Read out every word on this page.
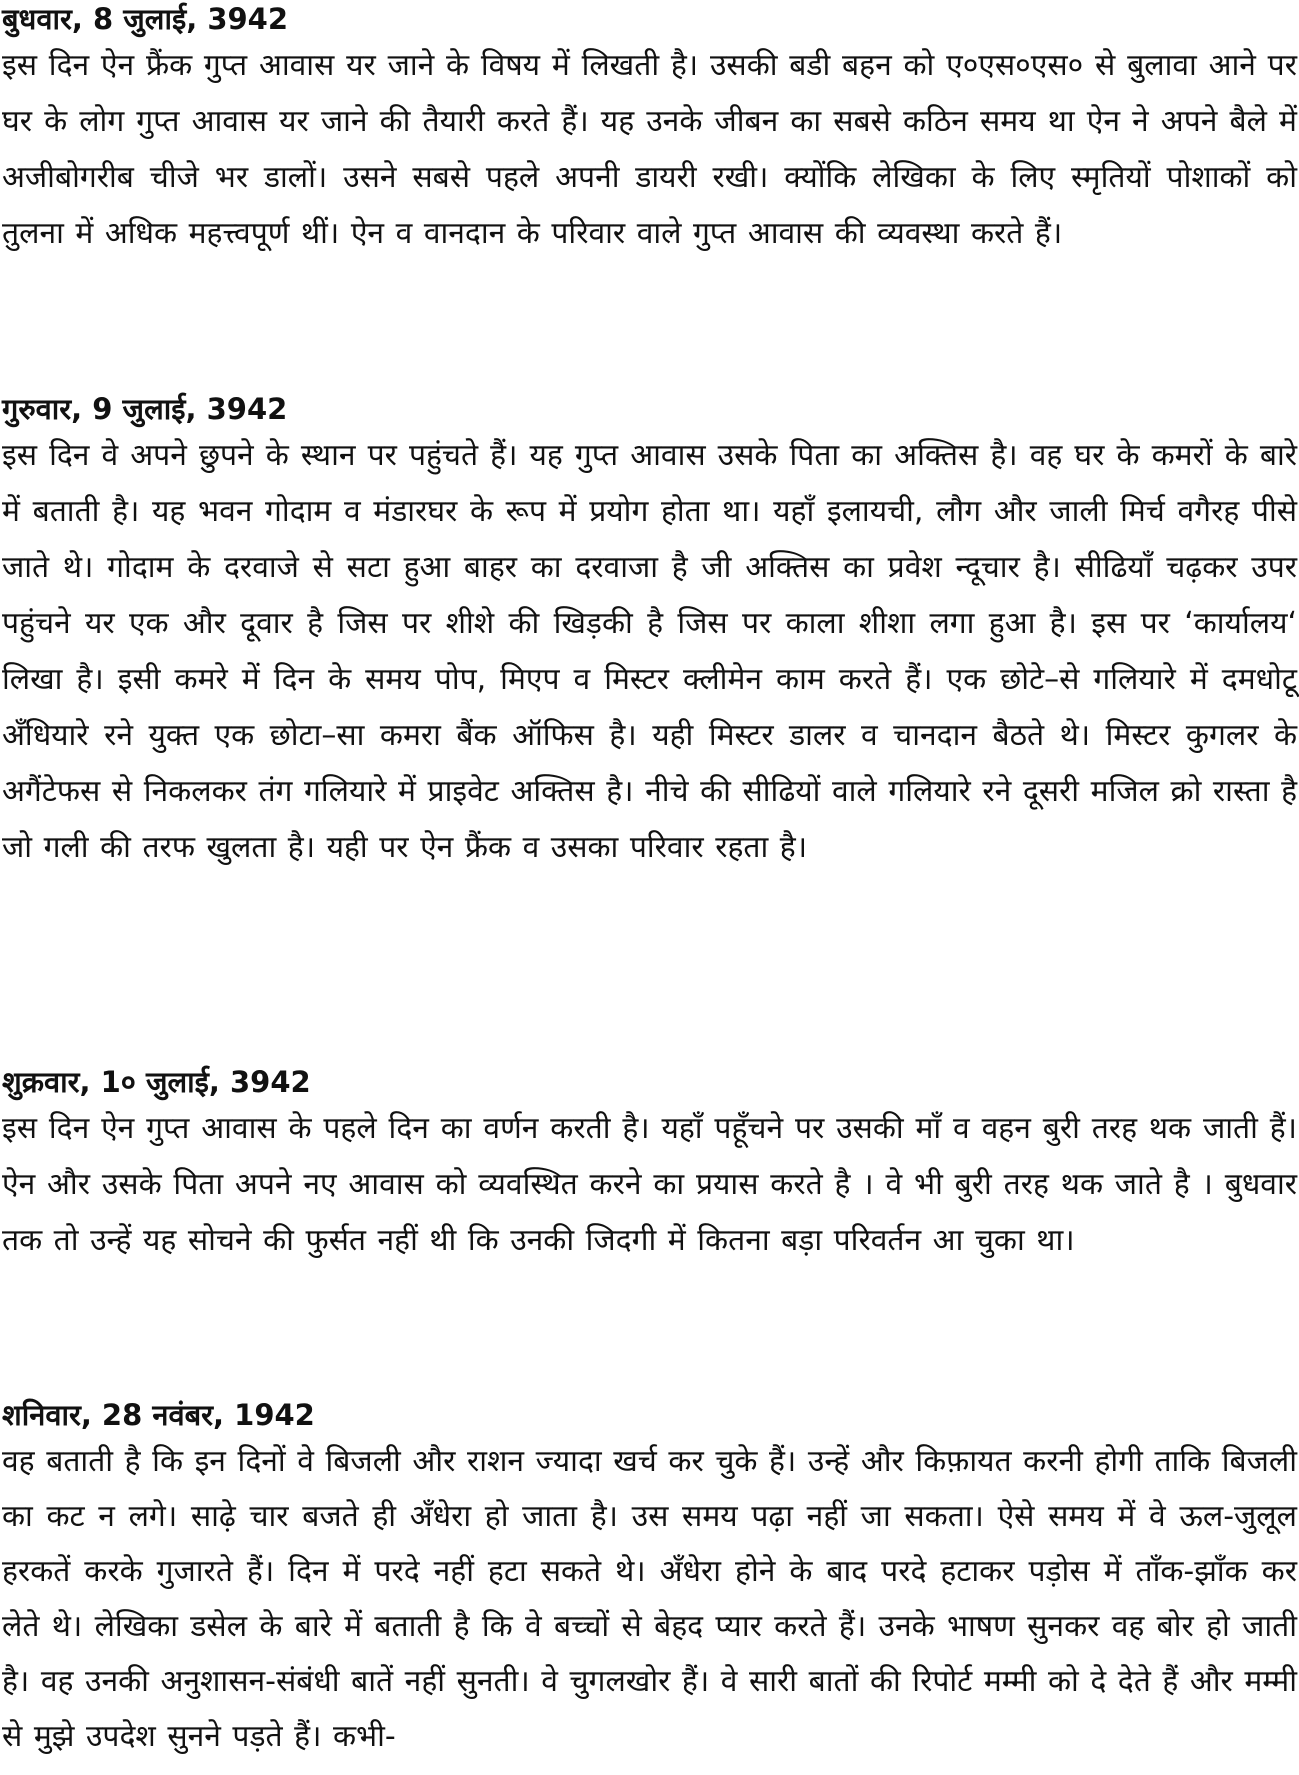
बुधवार, 8 जुलाई, 3942

इस दिन ऐन फ्रैंक गुप्त आवास यर जाने के विषय में लिखती है। उसकी बडी बहन को ए०एस०एस० से बुलावा आने पर घर के लोग गुप्त आवास यर जाने की तैयारी करते हैं। यह उनके जीबन का सबसे कठिन समय था ऐन ने अपने बैले में अजीबोगरीब चीजे भर डालों। उसने सबसे पहले अपनी डायरी रखी। क्योंकि लेखिका के लिए स्मृतियों पोशाकों को तुलना में अधिक महत्त्वपूर्ण थीं। ऐन व वानदान के परिवार वाले गुप्त आवास की व्यवस्था करते हैं।

गुरुवार, 9 जुलाई, 3942

इस दिन वे अपने छुपने के स्थान पर पहुंचते हैं। यह गुप्त आवास उसके पिता का अक्तिस है। वह घर के कमरों के बारे में बताती है। यह भवन गोदाम व मंडारघर के रूप में प्रयोग होता था। यहाँ इलायची, लौग और जाली मिर्च वगैरह पीसे जाते थे। गोदाम के दरवाजे से सटा हुआ बाहर का दरवाजा है जी अक्तिस का प्रवेश न्दूचार है। सीढियाँ चढ़कर उपर पहुंचने यर एक और दूवार है जिस पर शीशे की खिड़की है जिस पर काला शीशा लगा हुआ है। इस पर ‘कार्यालय‘ लिखा है। इसी कमरे में दिन के समय पोप, मिएप व मिस्टर क्लीमेन काम करते हैं। एक छोटे–से गलियारे में दमधोटू अँधियारे रने युक्त एक छोटा–सा कमरा बैंक ऑफिस है। यही मिस्टर डालर व चानदान बैठते थे। मिस्टर कुगलर के अगैंटेफस से निकलकर तंग गलियारे में प्राइवेट अक्तिस है। नीचे की सीढियों वाले गलियारे रने दूसरी मजिल क्रो रास्ता है जो गली की तरफ खुलता है। यही पर ऐन फ्रैंक व उसका परिवार रहता है।

शुक्रवार, 1० जुलाई, 3942

इस दिन ऐन गुप्त आवास के पहले दिन का वर्णन करती है। यहाँ पहूँचने पर उसकी माँ व वहन बुरी तरह थक जाती हैं। ऐन और उसके पिता अपने नए आवास को व्यवस्थित करने का प्रयास करते है । वे भी बुरी तरह थक जाते है । बुधवार तक तो उन्हें यह सोचने की फुर्सत नहीं थी कि उनकी जिदगी में कितना बड़ा परिवर्तन आ चुका था।

शनिवार, 28 नवंबर, 1942

वह बताती है कि इन दिनों वे बिजली और राशन ज्यादा खर्च कर चुके हैं। उन्हें और किफ़ायत करनी होगी ताकि बिजली का कट न लगे। साढ़े चार बजते ही अँधेरा हो जाता है। उस समय पढ़ा नहीं जा सकता। ऐसे समय में वे ऊल-जुलूल हरकतें करके गुजारते हैं। दिन में परदे नहीं हटा सकते थे। अँधेरा होने के बाद परदे हटाकर पड़ोस में ताँक-झाँक कर लेते थे। लेखिका डसेल के बारे में बताती है कि वे बच्चों से बेहद प्यार करते हैं। उनके भाषण सुनकर वह बोर हो जाती है। वह उनकी अनुशासन-संबंधी बातें नहीं सुनती। वे चुगलखोर हैं। वे सारी बातों की रिपोर्ट मम्मी को दे देते हैं और मम्मी से मुझे उपदेश सुनने पड़ते हैं। कभी-
